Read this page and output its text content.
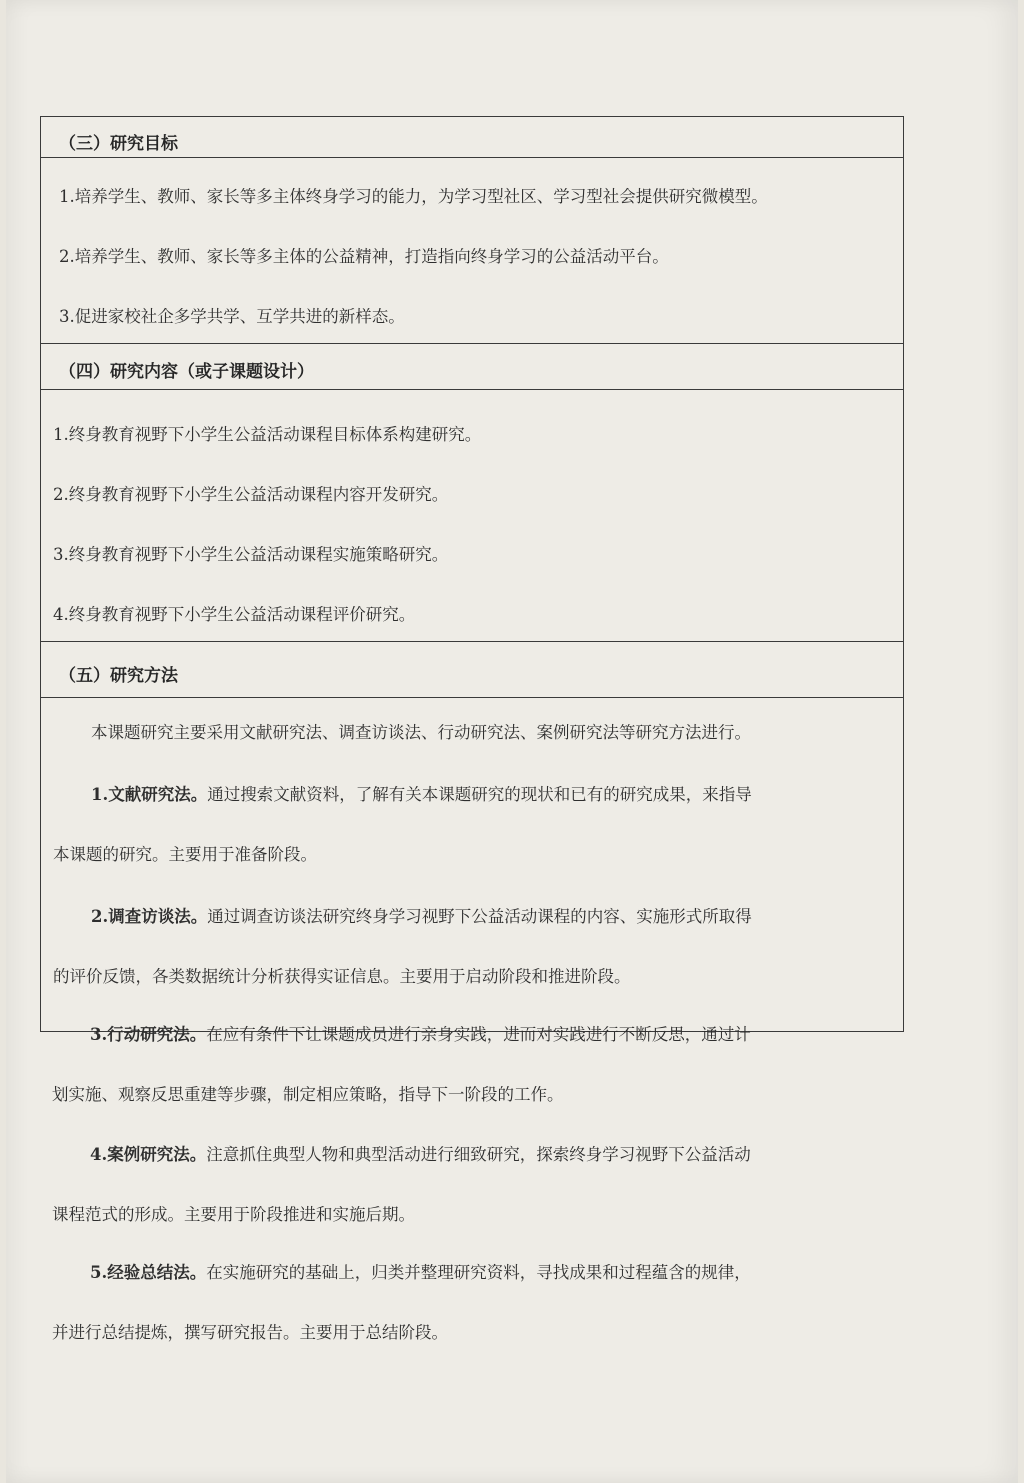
（三）研究目标
1.培养学生、教师、家长等多主体终身学习的能力，为学习型社区、学习型社会提供研究微模型。
2.培养学生、教师、家长等多主体的公益精神，打造指向终身学习的公益活动平台。
3.促进家校社企多学共学、互学共进的新样态。
（四）研究内容（或子课题设计）
1.终身教育视野下小学生公益活动课程目标体系构建研究。
2.终身教育视野下小学生公益活动课程内容开发研究。
3.终身教育视野下小学生公益活动课程实施策略研究。
4.终身教育视野下小学生公益活动课程评价研究。
（五）研究方法
本课题研究主要采用文献研究法、调查访谈法、行动研究法、案例研究法等研究方法进行。
1.文献研究法。通过搜索文献资料，了解有关本课题研究的现状和已有的研究成果，来指导
本课题的研究。主要用于准备阶段。
2.调查访谈法。通过调查访谈法研究终身学习视野下公益活动课程的内容、实施形式所取得
的评价反馈，各类数据统计分析获得实证信息。主要用于启动阶段和推进阶段。
3.行动研究法。在应有条件下让课题成员进行亲身实践，进而对实践进行不断反思，通过计
划实施、观察反思重建等步骤，制定相应策略，指导下一阶段的工作。
4.案例研究法。注意抓住典型人物和典型活动进行细致研究，探索终身学习视野下公益活动
课程范式的形成。主要用于阶段推进和实施后期。
5.经验总结法。在实施研究的基础上，归类并整理研究资料，寻找成果和过程蕴含的规律，
并进行总结提炼，撰写研究报告。主要用于总结阶段。
